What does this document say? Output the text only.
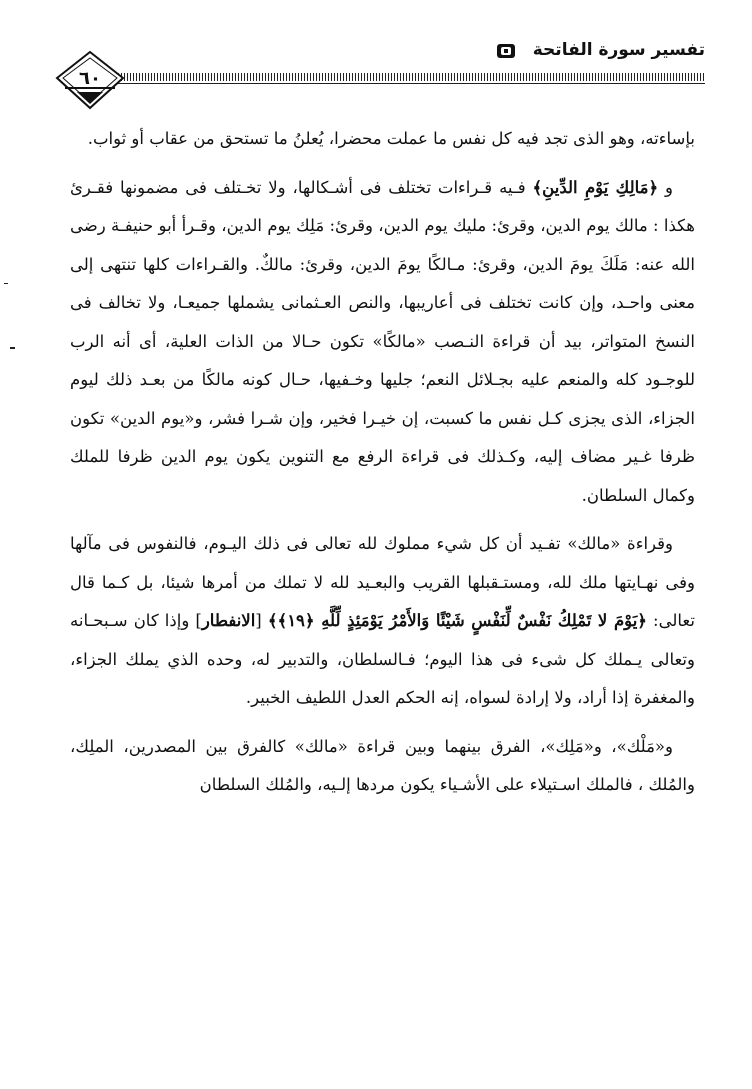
تفسير سورة الفاتحة
٦٠

بإساءته، وهو الذى تجد فيه كل نفس ما عملت محضرا، يُعلنُ ما تستحق من عقاب أو ثواب.

و ﴿مَالِكِ يَوْمِ الدِّينِ﴾ فـيه قـراءات تختلف فى أشـكالها، ولا تخـتلف فى مضمونها فقـرئ هكذا : مالك يوم الدين، وقرئ: مليك يوم الدين، وقرئ: مَلِك يوم الدين، وقـرأ أبو حنيفـة رضى الله عنه: مَلَكَ يومَ الدين، وقرئ: مـالكًا يومَ الدين، وقرئ: مالكٌ. والقـراءات كلها تنتهى إلى معنى واحـد، وإن كانت تختلف فى أعاريبها، والنص العـثمانى يشملها جميعـا، ولا تخالف فى النسخ المتواتر، بيد أن قراءة النـصب «مالكًا» تكون حـالا من الذات العلية، أى أنه الرب للوجـود كله والمنعم عليه بجـلائل النعم؛ جليها وخـفيها، حـال كونه مالكًا من بعـد ذلك ليوم الجزاء، الذى يجزى كـل نفس ما كسبت، إن خيـرا فخير، وإن شـرا فشر، و«يوم الدين» تكون ظرفا غـير مضاف إليه، وكـذلك فى قراءة الرفع مع التنوين يكون يوم الدين ظرفا للملك وكمال السلطان.

وقراءة «مالك» تفـيد أن كل شيء مملوك لله تعالى فى ذلك اليـوم، فالنفوس فى مآلها وفى نهـايتها ملك لله، ومستـقبلها القريب والبعـيد لله لا تملك من أمرها شيئا، بل كـما قال تعالى: ﴿يَوْمَ لا تَمْلِكُ نَفْسٌ لِّنَفْسٍ شَيْئًا وَالأَمْرُ يَوْمَئِذٍ لِّلَّهِ ﴿١٩﴾﴾ [الانفطار] وإذا كان سـبحـانه وتعالى يـملك كل شىء فى هذا اليوم؛ فـالسلطان، والتدبير له، وحده الذي يملك الجزاء، والمغفرة إذا أراد، ولا إرادة لسواه، إنه الحكم العدل اللطيف الخبير.

و«مَلْك»، و«مَلِك»، الفرق بينهما وبين قراءة «مالك» كالفرق بين المصدرين، الملِك، والمُلك ، فالملك اسـتيلاء على الأشـياء يكون مردها إلـيه، والمُلك السلطان
